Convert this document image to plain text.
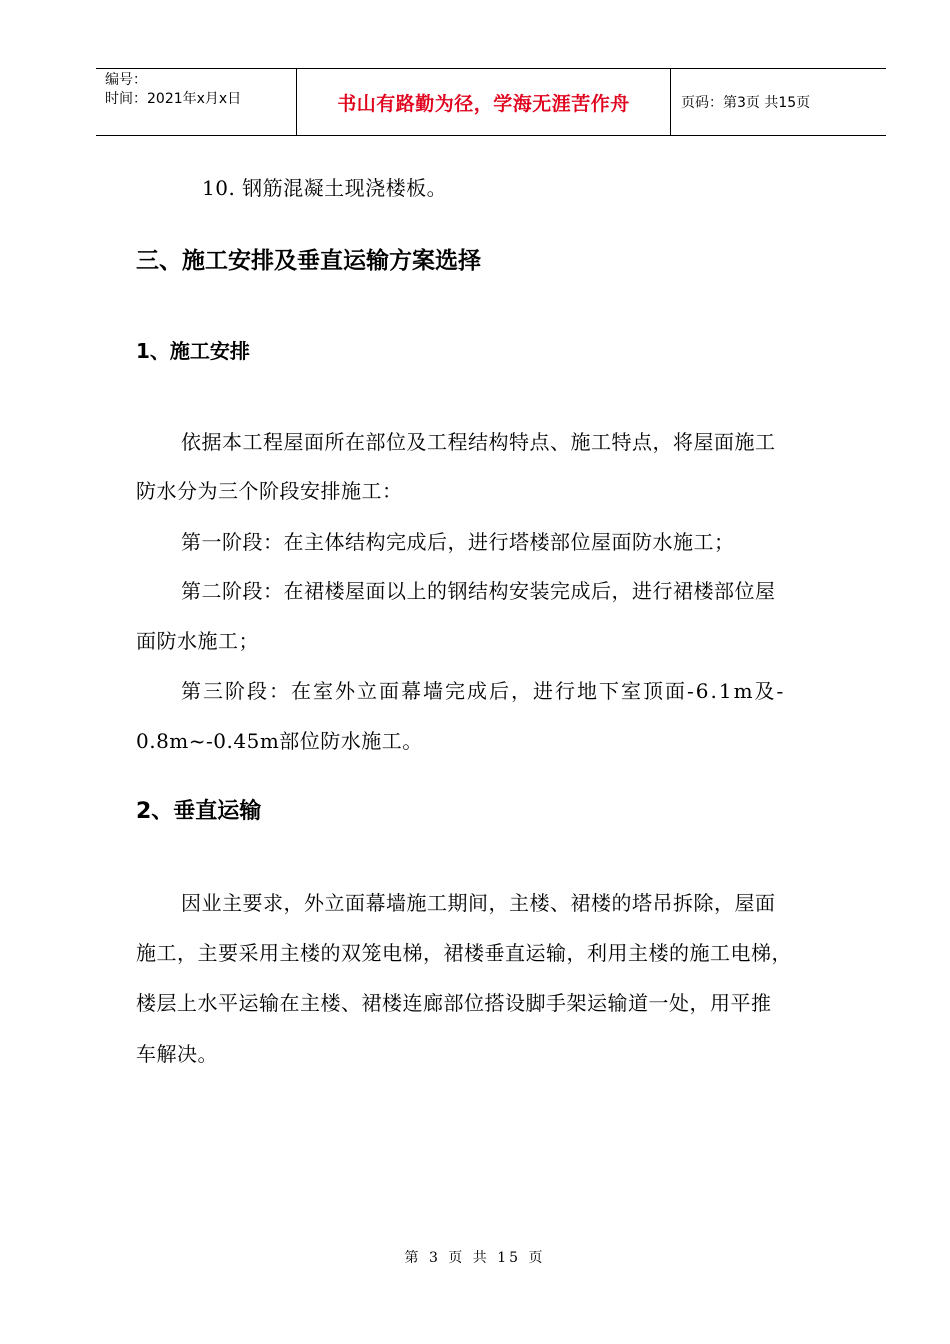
编号：
时间：2021年x月x日	书山有路勤为径，学海无涯苦作舟	页码：第3页 共15页
10. 钢筋混凝土现浇楼板。
三、施工安排及垂直运输方案选择
1、施工安排
依据本工程屋面所在部位及工程结构特点、施工特点，将屋面施工
防水分为三个阶段安排施工：
第一阶段：在主体结构完成后，进行塔楼部位屋面防水施工；
第二阶段：在裙楼屋面以上的钢结构安装完成后，进行裙楼部位屋
面防水施工；
第三阶段：在室外立面幕墙完成后，进行地下室顶面-6.1m及-
0.8m~-0.45m部位防水施工。
2、垂直运输
因业主要求，外立面幕墙施工期间，主楼、裙楼的塔吊拆除，屋面
施工，主要采用主楼的双笼电梯，裙楼垂直运输，利用主楼的施工电梯，
楼层上水平运输在主楼、裙楼连廊部位搭设脚手架运输道一处，用平推
车解决。
第 3 页 共 15 页
